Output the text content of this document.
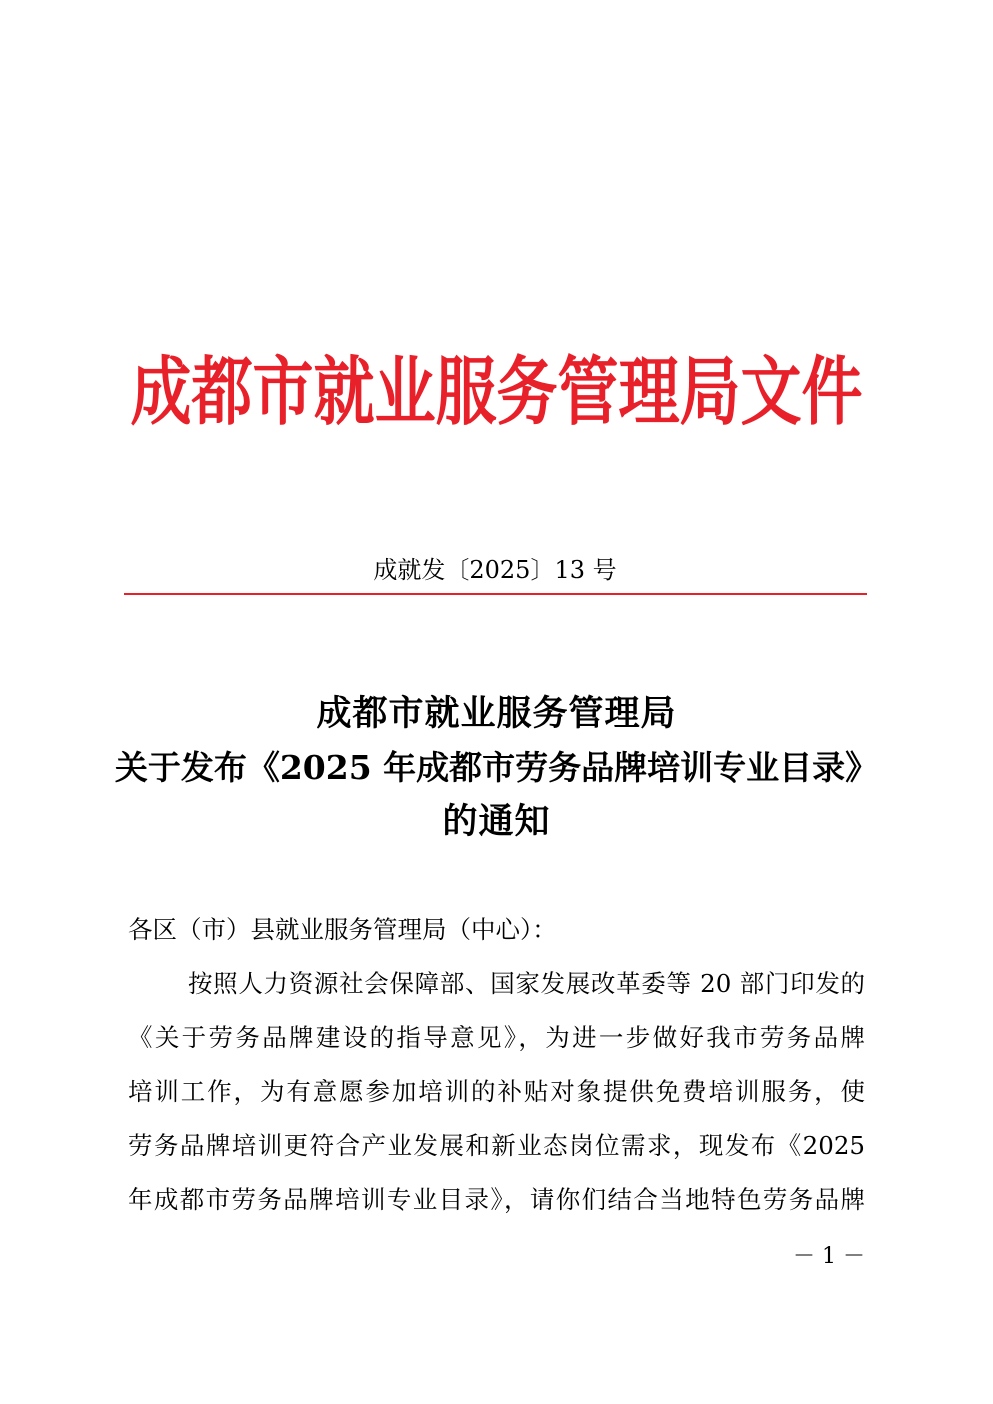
成都市就业服务管理局文件
成就发〔2025〕13 号
成都市就业服务管理局
关于发布《2025 年成都市劳务品牌培训专业目录》
的通知
各区（市）县就业服务管理局（中心）：
按照人力资源社会保障部、国家发展改革委等 20 部门印发的
《关于劳务品牌建设的指导意见》，为进一步做好我市劳务品牌
培训工作，为有意愿参加培训的补贴对象提供免费培训服务，使
劳务品牌培训更符合产业发展和新业态岗位需求，现发布《2025
年成都市劳务品牌培训专业目录》，请你们结合当地特色劳务品牌
－ 1 －
